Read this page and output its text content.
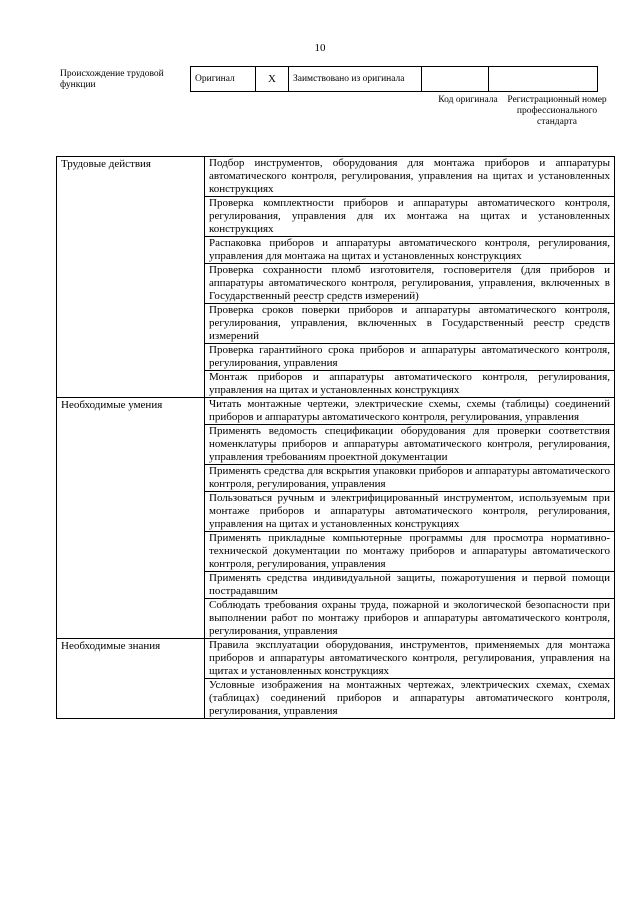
10
Происхождение трудовой функции
Оригинал	X	Заимствовано из оригинала		
Код оригинала	Регистрационный номер профессионального стандарта
Трудовые действия	Подбор инструментов, оборудования для монтажа приборов и аппаратуры автоматического контроля, регулирования, управления на щитах и установленных конструкциях
	Проверка комплектности приборов и аппаратуры автоматического контроля, регулирования, управления для их монтажа на щитах и установленных конструкциях
	Распаковка приборов и аппаратуры автоматического контроля, регулирования, управления для монтажа на щитах и установленных конструкциях
	Проверка сохранности пломб изготовителя, госповерителя (для приборов и аппаратуры автоматического контроля, регулирования, управления, включенных в Государственный реестр средств измерений)
	Проверка сроков поверки приборов и аппаратуры автоматического контроля, регулирования, управления, включенных в Государственный реестр средств измерений
	Проверка гарантийного срока приборов и аппаратуры автоматического контроля, регулирования, управления
	Монтаж приборов и аппаратуры автоматического контроля, регулирования, управления на щитах и установленных конструкциях
Необходимые умения	Читать монтажные чертежи, электрические схемы, схемы (таблицы) соединений приборов и аппаратуры автоматического контроля, регулирования, управления
	Применять ведомость спецификации оборудования для проверки соответствия номенклатуры приборов и аппаратуры автоматического контроля, регулирования, управления требованиям проектной документации
	Применять средства для вскрытия упаковки приборов и аппаратуры автоматического контроля, регулирования, управления
	Пользоваться ручным и электрифицированный инструментом, используемым при монтаже приборов и аппаратуры автоматического контроля, регулирования, управления на щитах и установленных конструкциях
	Применять прикладные компьютерные программы для просмотра нормативно-технической документации по монтажу приборов и аппаратуры автоматического контроля, регулирования, управления
	Применять средства индивидуальной защиты, пожаротушения и первой помощи пострадавшим
	Соблюдать требования охраны труда, пожарной и экологической безопасности при выполнении работ по монтажу приборов и аппаратуры автоматического контроля, регулирования, управления
Необходимые знания	Правила эксплуатации оборудования, инструментов, применяемых для монтажа приборов и аппаратуры автоматического контроля, регулирования, управления на щитах и установленных конструкциях
	Условные изображения на монтажных чертежах, электрических схемах, схемах (таблицах) соединений приборов и аппаратуры автоматического контроля, регулирования, управления
